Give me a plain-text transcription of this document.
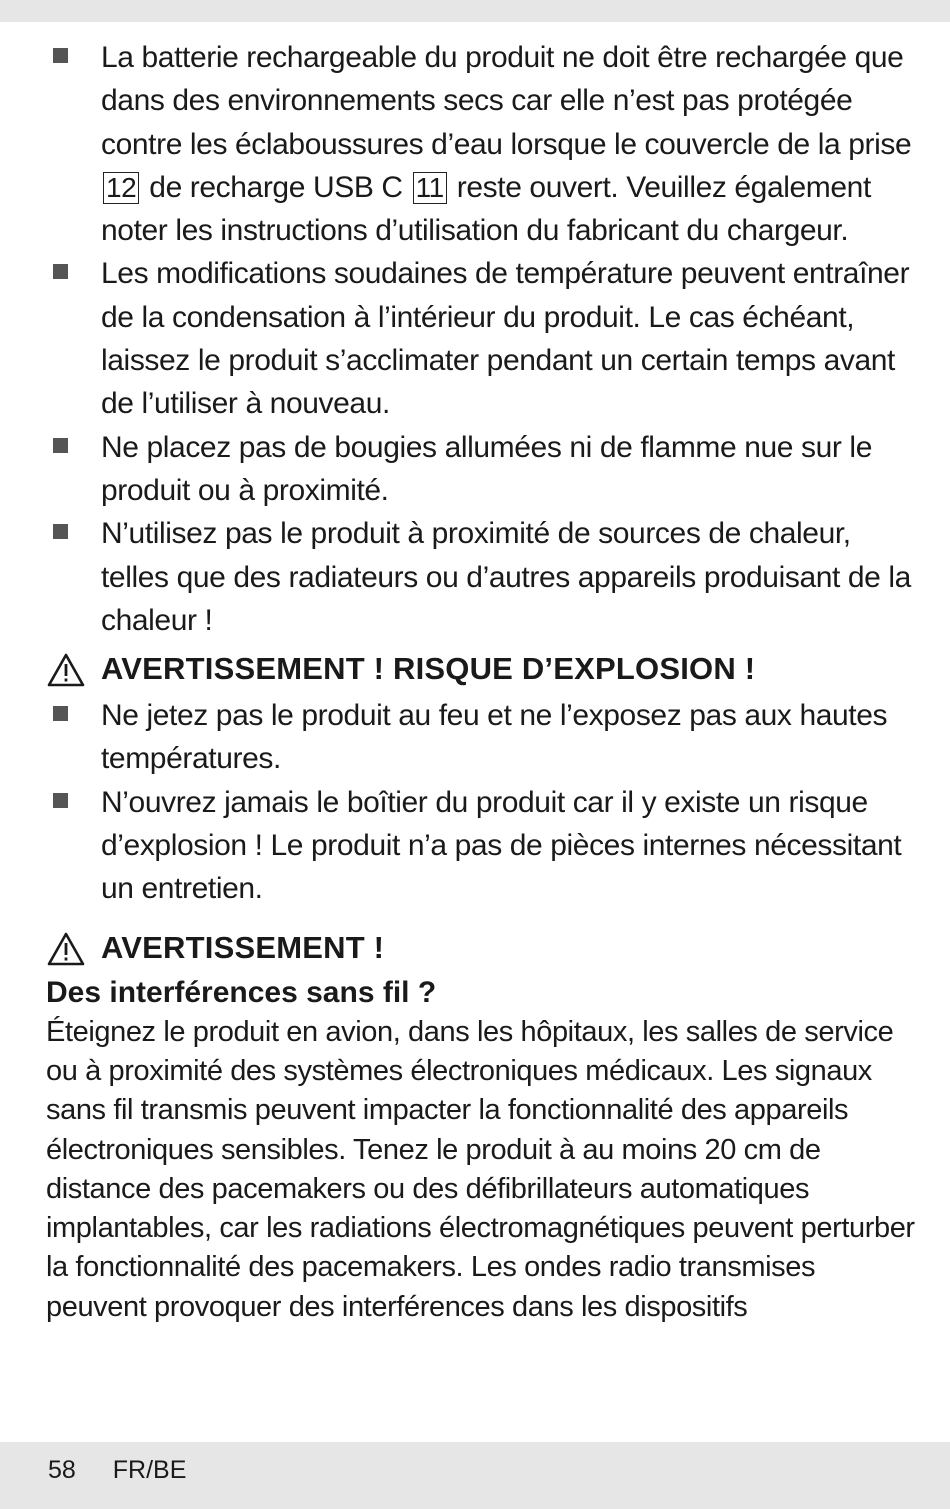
La batterie rechargeable du produit ne doit être rechargée que dans des environnements secs car elle n’est pas protégée contre les éclaboussures d’eau lorsque le couvercle de la prise 12 de recharge USB C 11 reste ouvert. Veuillez également noter les instructions d’utilisation du fabricant du chargeur.
Les modifications soudaines de température peuvent entraîner de la condensation à l’intérieur du produit. Le cas échéant, laissez le produit s’acclimater pendant un certain temps avant de l’utiliser à nouveau.
Ne placez pas de bougies allumées ni de flamme nue sur le produit ou à proximité.
N’utilisez pas le produit à proximité de sources de chaleur, telles que des radiateurs ou d’autres appareils produisant de la chaleur !
AVERTISSEMENT ! RISQUE D’EXPLOSION !
Ne jetez pas le produit au feu et ne l’exposez pas aux hautes températures.
N’ouvrez jamais le boîtier du produit car il y existe un risque d’explosion ! Le produit n’a pas de pièces internes nécessitant un entretien.
AVERTISSEMENT !

Des interférences sans fil ?

Éteignez le produit en avion, dans les hôpitaux, les salles de service ou à proximité des systèmes électroniques médicaux. Les signaux sans fil transmis peuvent impacter la fonctionnalité des appareils électroniques sensibles. Tenez le produit à au moins 20 cm de distance des pacemakers ou des défibrillateurs automatiques implantables, car les radiations électromagnétiques peuvent perturber la fonctionnalité des pacemakers. Les ondes radio transmises peuvent provoquer des interférences dans les dispositifs

58 FR/BE
